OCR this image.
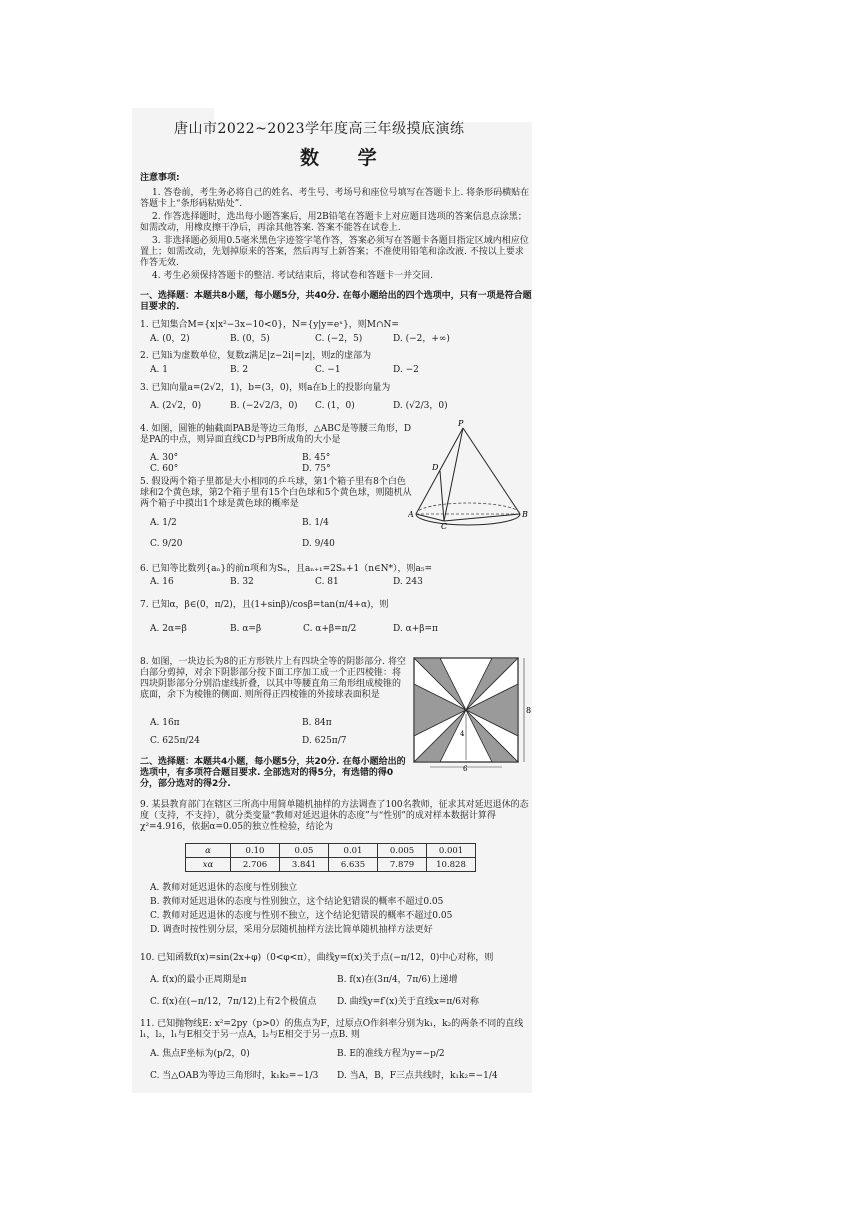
唐山市2022~2023学年度高三年级摸底演练
数 学
注意事项:
1. 答卷前，考生务必将自己的姓名、考生号、考场号和座位号填写在答题卡上. 将条形码横贴在答题卡上“条形码粘贴处”.
2. 作答选择题时，选出每小题答案后，用2B铅笔在答题卡上对应题目选项的答案信息点涂黑；如需改动，用橡皮擦干净后，再涂其他答案. 答案不能答在试卷上.
3. 非选择题必须用0.5毫米黑色字迹签字笔作答，答案必须写在答题卡各题目指定区域内相应位置上；如需改动，先划掉原来的答案，然后再写上新答案；不准使用铅笔和涂改液. 不按以上要求作答无效.
4. 考生必须保持答题卡的整洁. 考试结束后，将试卷和答题卡一并交回.
一、选择题：本题共8小题，每小题5分，共40分. 在每小题给出的四个选项中，只有一项是符合题目要求的.
1. 已知集合M={x|x²−3x−10<0}，N={y|y=eˣ}，则M∩N=
A. (0，2)	B. (0，5)	C. (−2，5)	D. (−2，+∞)
2. 已知i为虚数单位，复数z满足|z−2i|=|z|，则z的虚部为
A. 1	B. 2	C. −1	D. −2
3. 已知向量a=(2√2，1)，b=(3，0)，则a在b上的投影向量为
A. (2√2，0)	B. (−2√2/3，0) C. (1，0)	D. (√2/3，0)
4. 如图，圆锥的轴截面PAB是等边三角形，△ABC是等腰三角形，D是PA的中点，则异面直线CD与PB所成角的大小是
A. 30°	B. 45°
C. 60°	D. 75°
P
D
A	B
C
5. 假设两个箱子里都是大小相同的乒乓球，第1个箱子里有8个白色球和2个黄色球，第2个箱子里有15个白色球和5个黄色球，则随机从两个箱子中摸出1个球是黄色球的概率是
A. 1/2	B. 1/4
C. 9/20	D. 9/40
6. 已知等比数列{aₙ}的前n项和为Sₙ，且aₙ₊₁=2Sₙ+1（n∈N*），则a₅=
A. 16	B. 32	C. 81	D. 243
7. 已知α，β∈(0，π/2)，且(1+sinβ)/cosβ=tan(π/4+α)，则
A. 2α=β	B. α=β	C. α+β=π/2	D. α+β=π
8. 如图，一块边长为8的正方形铁片上有四块全等的阴影部分. 将空白部分剪掉，对余下阴影部分按下面工序加工成一个正四棱锥：将四块阴影部分分别沿虚线折叠，以其中等腰直角三角形组成棱锥的底面，余下为棱锥的侧面. 则所得正四棱锥的外接球表面积是
A. 16π	B. 84π
C. 625π/24	D. 625π/7
8
4
6
二、选择题：本题共4小题，每小题5分，共20分. 在每小题给出的选项中，有多项符合题目要求. 全部选对的得5分，有选错的得0分，部分选对的得2分.
9. 某县教育部门在辖区三所高中用简单随机抽样的方法调查了100名教师，征求其对延迟退休的态度（支持，不支持），就分类变量“教师对延迟退休的态度”与“性别”的成对样本数据计算得χ²=4.916，依据α=0.05的独立性检验，结论为
α	0.10	0.05	0.01	0.005	0.001
xα	2.706	3.841	6.635	7.879	10.828
A. 教师对延迟退休的态度与性别独立
B. 教师对延迟退休的态度与性别独立，这个结论犯错误的概率不超过0.05
C. 教师对延迟退休的态度与性别不独立，这个结论犯错误的概率不超过0.05
D. 调查时按性别分层，采用分层随机抽样方法比简单随机抽样方法更好
10. 已知函数f(x)=sin(2x+φ)（0<φ<π），曲线y=f(x)关于点(−π/12，0)中心对称，则
A. f(x)的最小正周期是π	B. f(x)在(3π/4，7π/6)上递增
C. f(x)在(−π/12，7π/12)上有2个极值点 D. 曲线y=f′(x)关于直线x=π/6对称
11. 已知抛物线E: x²=2py（p>0）的焦点为F，过原点O作斜率分别为k₁，k₂的两条不同的直线l₁，l₂，l₁与E相交于另一点A，l₂与E相交于另一点B. 则
A. 焦点F坐标为(p/2，0)	B. E的准线方程为y=−p/2
C. 当△OAB为等边三角形时，k₁k₂=−1/3 D. 当A，B，F三点共线时，k₁k₂=−1/4
